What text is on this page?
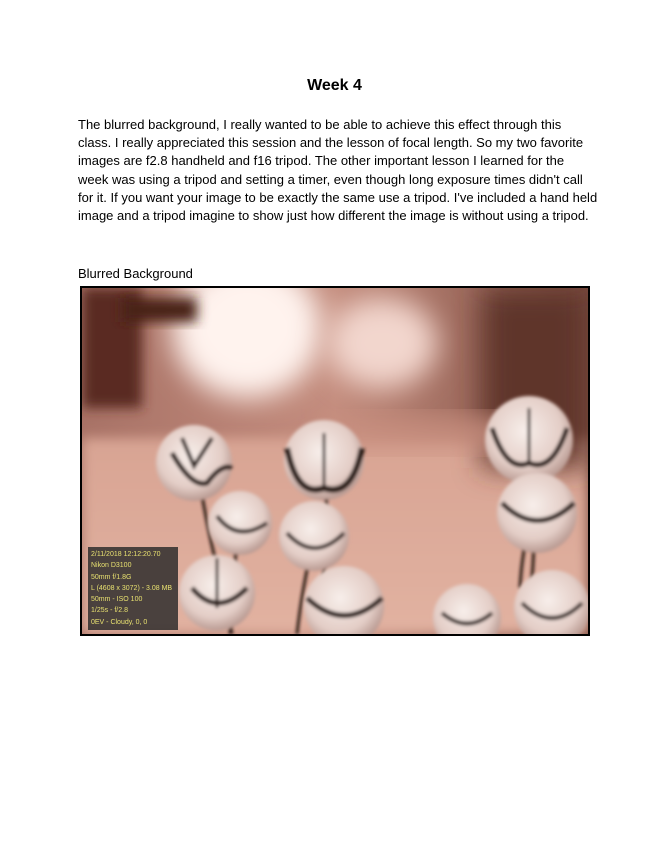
Week 4
The blurred background, I really wanted to be able to achieve this effect through this class. I really appreciated this session and the lesson of focal length. So my two favorite images are f2.8 handheld and f16 tripod. The other important lesson I learned for the week was using a tripod and setting a timer, even though long exposure times didn't call for it. If you want your image to be exactly the same use a tripod. I've included a hand held image and a tripod imagine to show just how different the image is without using a tripod.
Blurred Background
2/11/2018 12:12:20.70
Nikon D3100
50mm f/1.8G
L (4608 x 3072) - 3.08 MB
50mm - ISO 100
1/25s - f/2.8
0EV - Cloudy, 0, 0
